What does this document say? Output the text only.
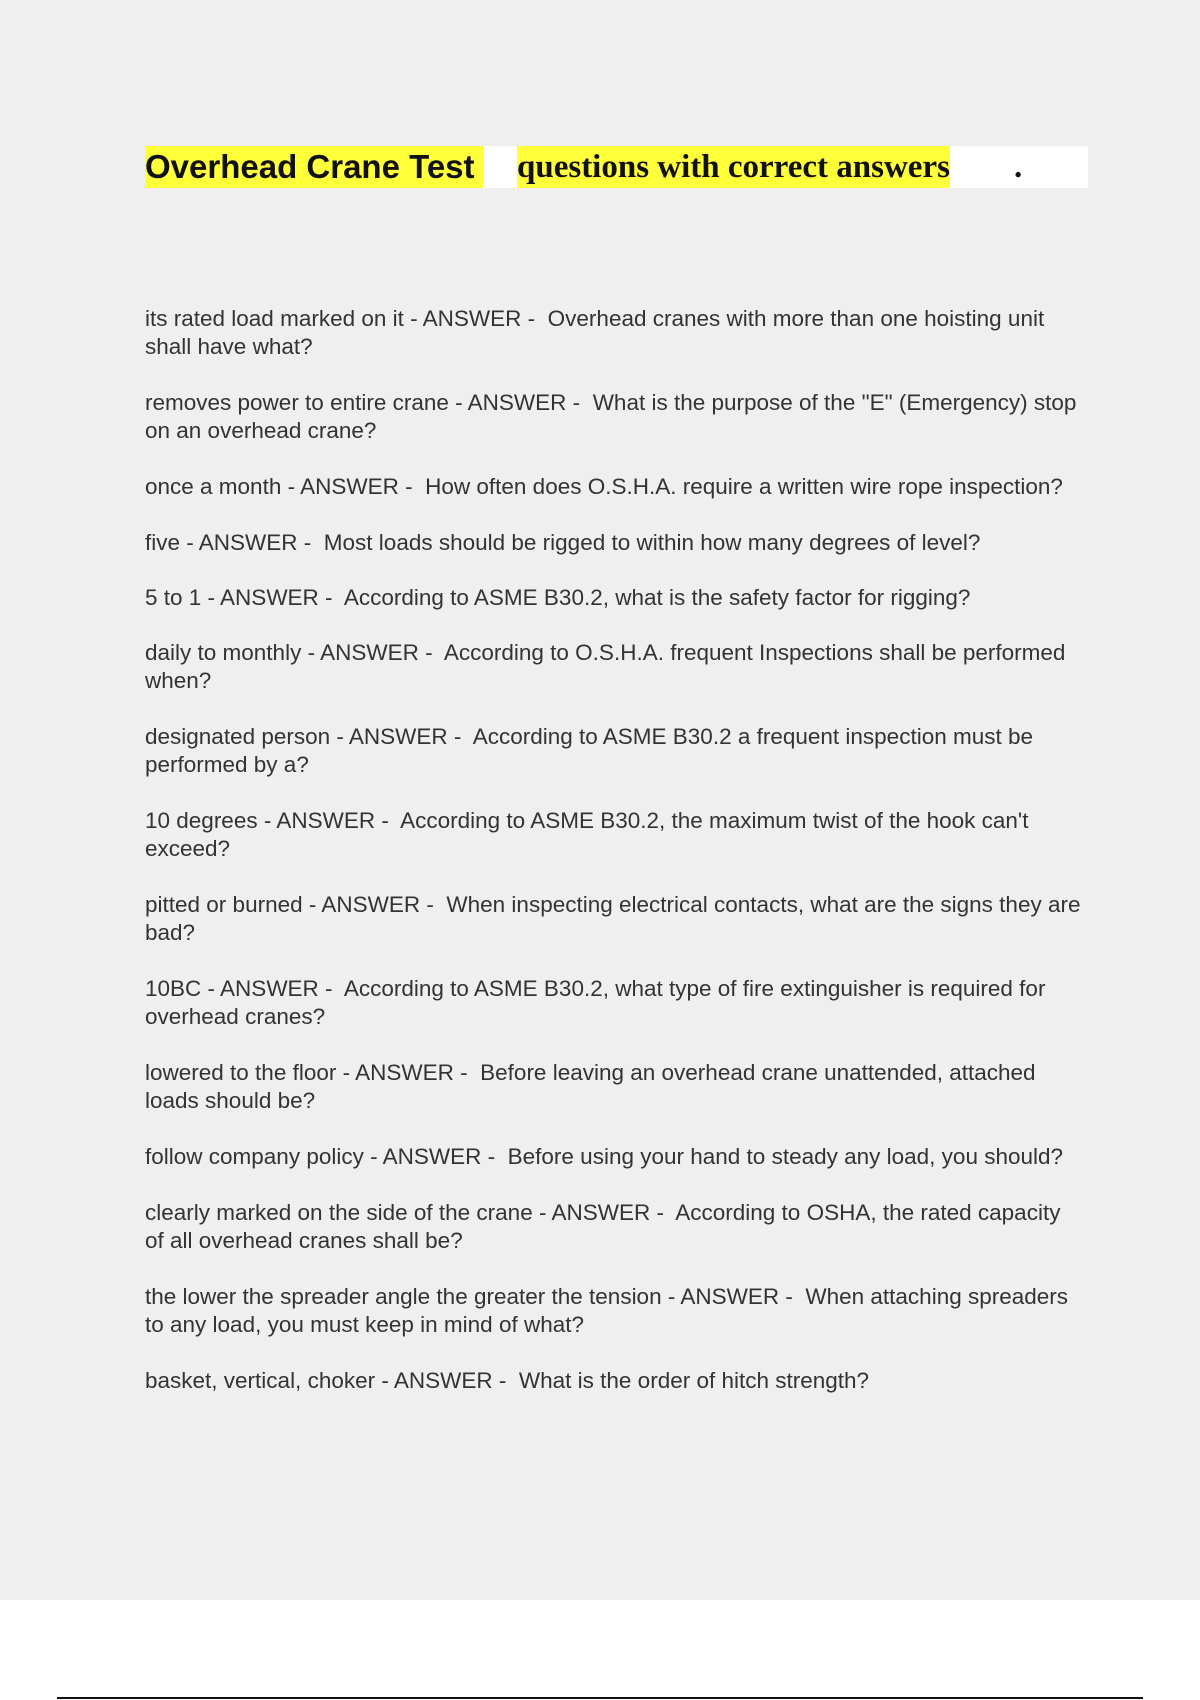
Overhead Crane Test questions with correct answers .
its rated load marked on it - ANSWER -  Overhead cranes with more than one hoisting unit shall have what?
removes power to entire crane - ANSWER -  What is the purpose of the "E" (Emergency) stop on an overhead crane?
once a month - ANSWER -  How often does O.S.H.A. require a written wire rope inspection?
five - ANSWER -  Most loads should be rigged to within how many degrees of level?
5 to 1 - ANSWER -  According to ASME B30.2, what is the safety factor for rigging?
daily to monthly - ANSWER -  According to O.S.H.A. frequent Inspections shall be performed when?
designated person - ANSWER -  According to ASME B30.2 a frequent inspection must be performed by a?
10 degrees - ANSWER -  According to ASME B30.2, the maximum twist of the hook can't exceed?
pitted or burned - ANSWER -  When inspecting electrical contacts, what are the signs they are bad?
10BC - ANSWER -  According to ASME B30.2, what type of fire extinguisher is required for overhead cranes?
lowered to the floor - ANSWER -  Before leaving an overhead crane unattended, attached loads should be?
follow company policy - ANSWER -  Before using your hand to steady any load, you should?
clearly marked on the side of the crane - ANSWER -  According to OSHA, the rated capacity of all overhead cranes shall be?
the lower the spreader angle the greater the tension - ANSWER -  When attaching spreaders to any load, you must keep in mind of what?
basket, vertical, choker - ANSWER -  What is the order of hitch strength?
